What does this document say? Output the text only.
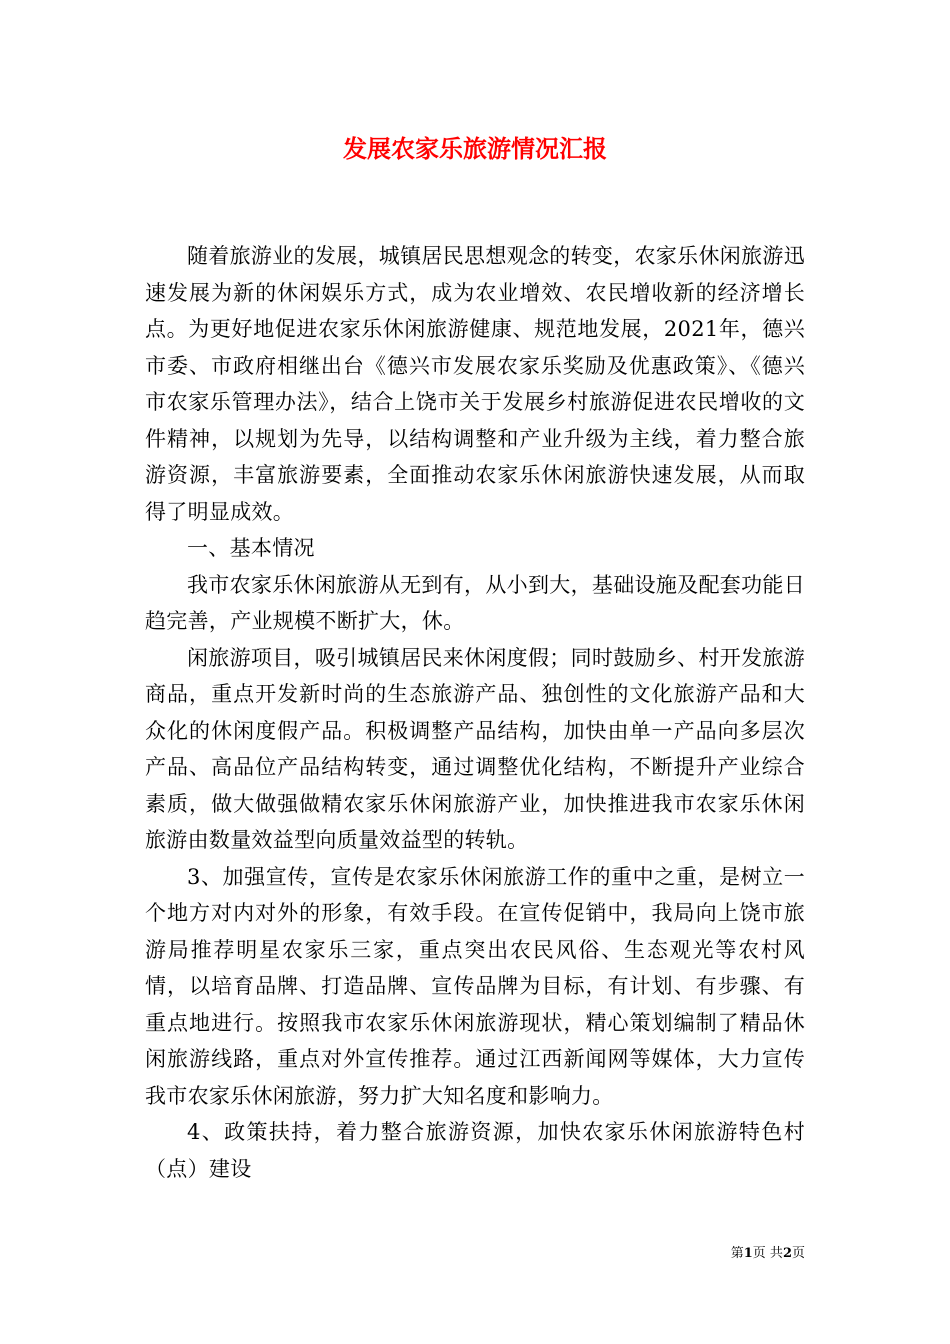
发展农家乐旅游情况汇报

随着旅游业的发展，城镇居民思想观念的转变，农家乐休闲旅游迅速发展为新的休闲娱乐方式，成为农业增效、农民增收新的经济增长点。为更好地促进农家乐休闲旅游健康、规范地发展，2021年，德兴市委、市政府相继出台《德兴市发展农家乐奖励及优惠政策》、《德兴市农家乐管理办法》，结合上饶市关于发展乡村旅游促进农民增收的文件精神，以规划为先导，以结构调整和产业升级为主线，着力整合旅游资源，丰富旅游要素，全面推动农家乐休闲旅游快速发展，从而取得了明显成效。

一、基本情况

我市农家乐休闲旅游从无到有，从小到大，基础设施及配套功能日趋完善，产业规模不断扩大，休。

闲旅游项目，吸引城镇居民来休闲度假；同时鼓励乡、村开发旅游商品，重点开发新时尚的生态旅游产品、独创性的文化旅游产品和大众化的休闲度假产品。积极调整产品结构，加快由单一产品向多层次产品、高品位产品结构转变，通过调整优化结构，不断提升产业综合素质，做大做强做精农家乐休闲旅游产业，加快推进我市农家乐休闲旅游由数量效益型向质量效益型的转轨。

3、加强宣传，宣传是农家乐休闲旅游工作的重中之重，是树立一个地方对内对外的形象，有效手段。在宣传促销中，我局向上饶市旅游局推荐明星农家乐三家，重点突出农民风俗、生态观光等农村风情，以培育品牌、打造品牌、宣传品牌为目标，有计划、有步骤、有重点地进行。按照我市农家乐休闲旅游现状，精心策划编制了精品休闲旅游线路，重点对外宣传推荐。通过江西新闻网等媒体，大力宣传我市农家乐休闲旅游，努力扩大知名度和影响力。

4、政策扶持，着力整合旅游资源，加快农家乐休闲旅游特色村（点）建设

第1页 共2页
